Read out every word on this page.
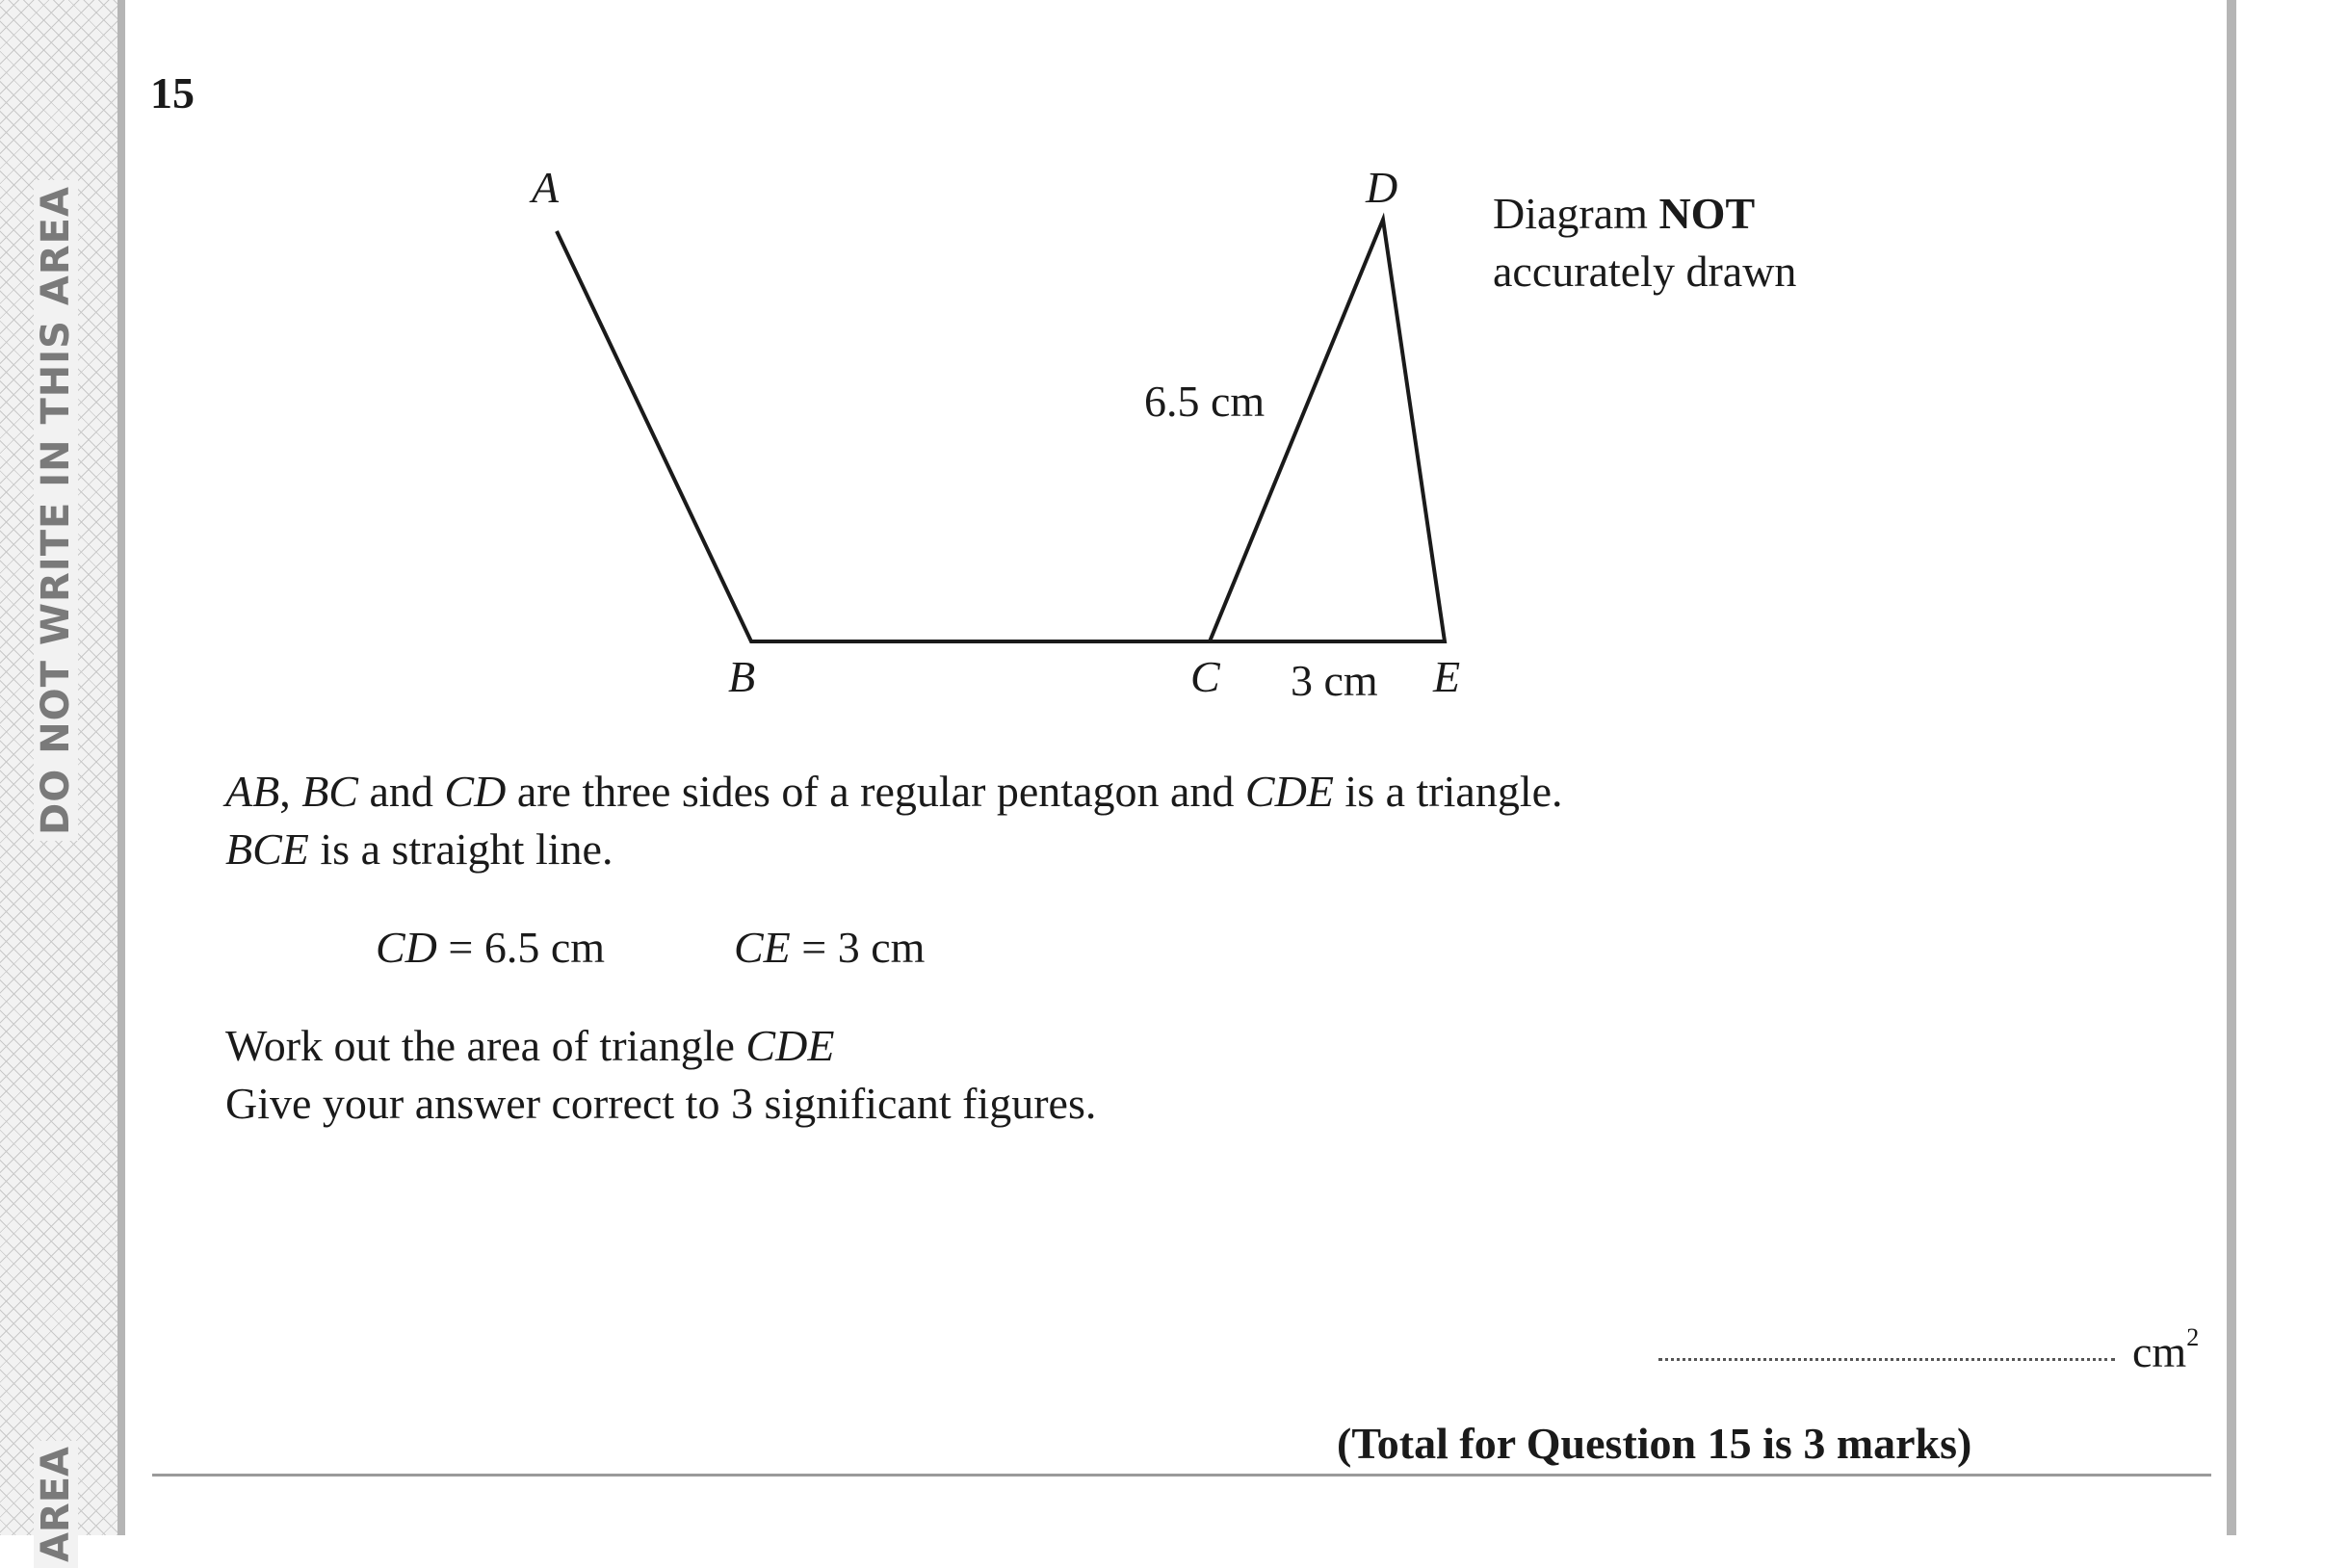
DO NOT WRITE IN THIS AREA
AREA
15
A	D
B	C	E
6.5 cm
3 cm
Diagram NOT
accurately drawn
AB, BC and CD are three sides of a regular pentagon and CDE is a triangle.
BCE is a straight line.
CD = 6.5 cm	CE = 3 cm
Work out the area of triangle CDE
Give your answer correct to 3 significant figures.
$cm^2$
(Total for Question 15 is 3 marks)
